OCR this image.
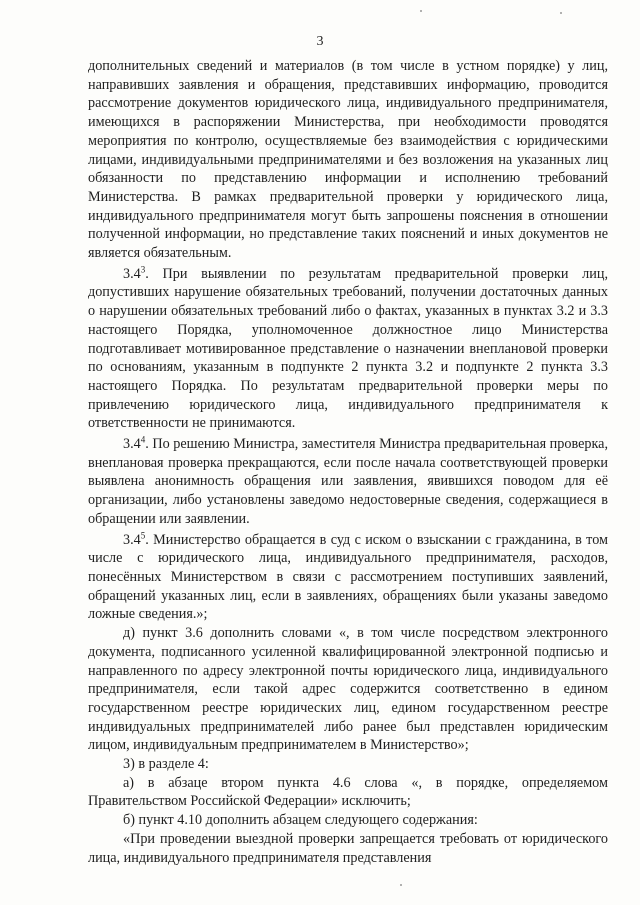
3

дополнительных сведений и материалов (в том числе в устном порядке) у лиц, направивших заявления и обращения, представивших информацию, проводится рассмотрение документов юридического лица, индивидуального предпринимателя, имеющихся в распоряжении Министерства, при необходимости проводятся мероприятия по контролю, осуществляемые без взаимодействия с юридическими лицами, индивидуальными предпринимателями и без возложения на указанных лиц обязанности по представлению информации и исполнению требований Министерства. В рамках предварительной проверки у юридического лица, индивидуального предпринимателя могут быть запрошены пояснения в отношении полученной информации, но представление таких пояснений и иных документов не является обязательным.

$3.4^3$. При выявлении по результатам предварительной проверки лиц, допустивших нарушение обязательных требований, получении достаточных данных о нарушении обязательных требований либо о фактах, указанных в пунктах 3.2 и 3.3 настоящего Порядка, уполномоченное должностное лицо Министерства подготавливает мотивированное представление о назначении внеплановой проверки по основаниям, указанным в подпункте 2 пункта 3.2 и подпункте 2 пункта 3.3 настоящего Порядка. По результатам предварительной проверки меры по привлечению юридического лица, индивидуального предпринимателя к ответственности не принимаются.

$3.4^4$. По решению Министра, заместителя Министра предварительная проверка, внеплановая проверка прекращаются, если после начала соответствующей проверки выявлена анонимность обращения или заявления, явившихся поводом для её организации, либо установлены заведомо недостоверные сведения, содержащиеся в обращении или заявлении.

$3.4^5$. Министерство обращается в суд с иском о взыскании с гражданина, в том числе с юридического лица, индивидуального предпринимателя, расходов, понесённых Министерством в связи с рассмотрением поступивших заявлений, обращений указанных лиц, если в заявлениях, обращениях были указаны заведомо ложные сведения.»;

д) пункт 3.6 дополнить словами «, в том числе посредством электронного документа, подписанного усиленной квалифицированной электронной подписью и направленного по адресу электронной почты юридического лица, индивидуального предпринимателя, если такой адрес содержится соответственно в едином государственном реестре юридических лиц, едином государственном реестре индивидуальных предпринимателей либо ранее был представлен юридическим лицом, индивидуальным предпринимателем в Министерство»;

3) в разделе 4:

а) в абзаце втором пункта 4.6 слова «, в порядке, определяемом Правительством Российской Федерации» исключить;

б) пункт 4.10 дополнить абзацем следующего содержания:

«При проведении выездной проверки запрещается требовать от юридического лица, индивидуального предпринимателя представления
